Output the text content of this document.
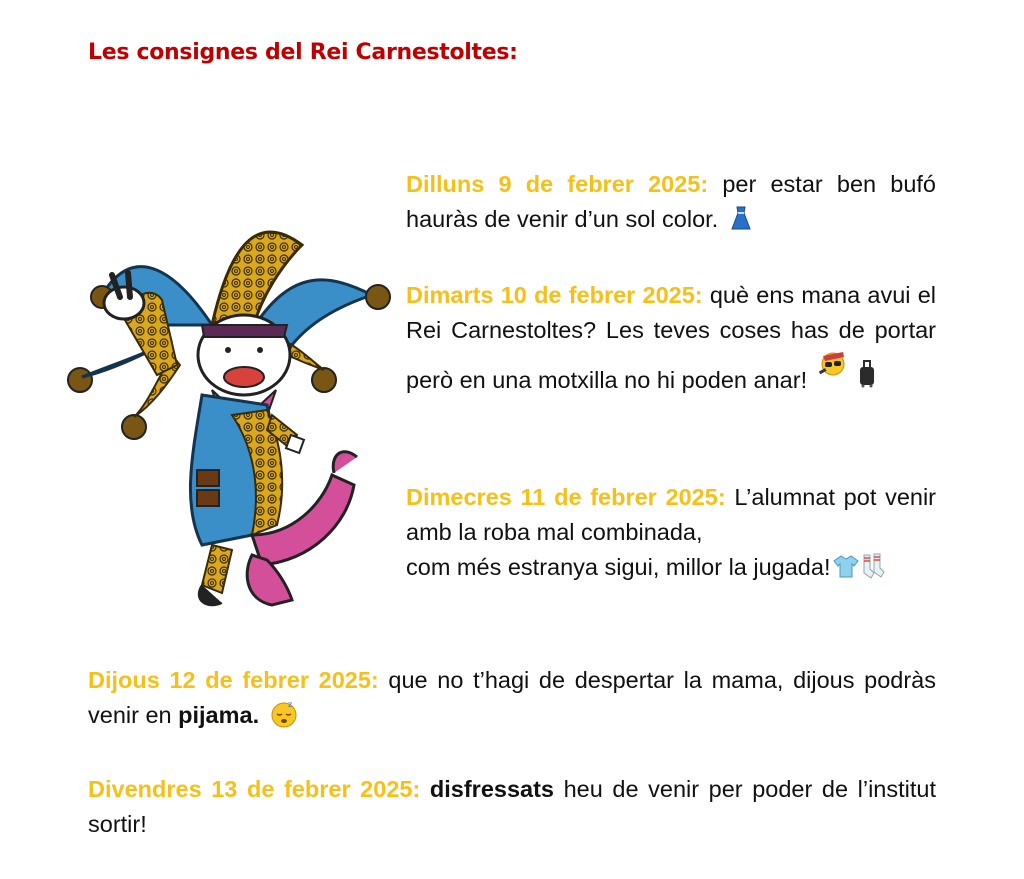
Les consignes del Rei Carnestoltes:

Dilluns 9 de febrer 2025: per estar ben bufó hauràs de venir d’un sol color.

Dimarts 10 de febrer 2025: què ens mana avui el Rei Carnestoltes? Les teves coses has de portar però en una motxilla no hi poden anar!

Dimecres 11 de febrer 2025: L’alumnat pot venir amb la roba mal combinada,
com més estranya sigui, millor la jugada!

Dijous 12 de febrer 2025: que no t’hagi de despertar la mama, dijous podràs venir en pijama.	z

Divendres 13 de febrer 2025: disfressats heu de venir per poder de l’institut sortir!
